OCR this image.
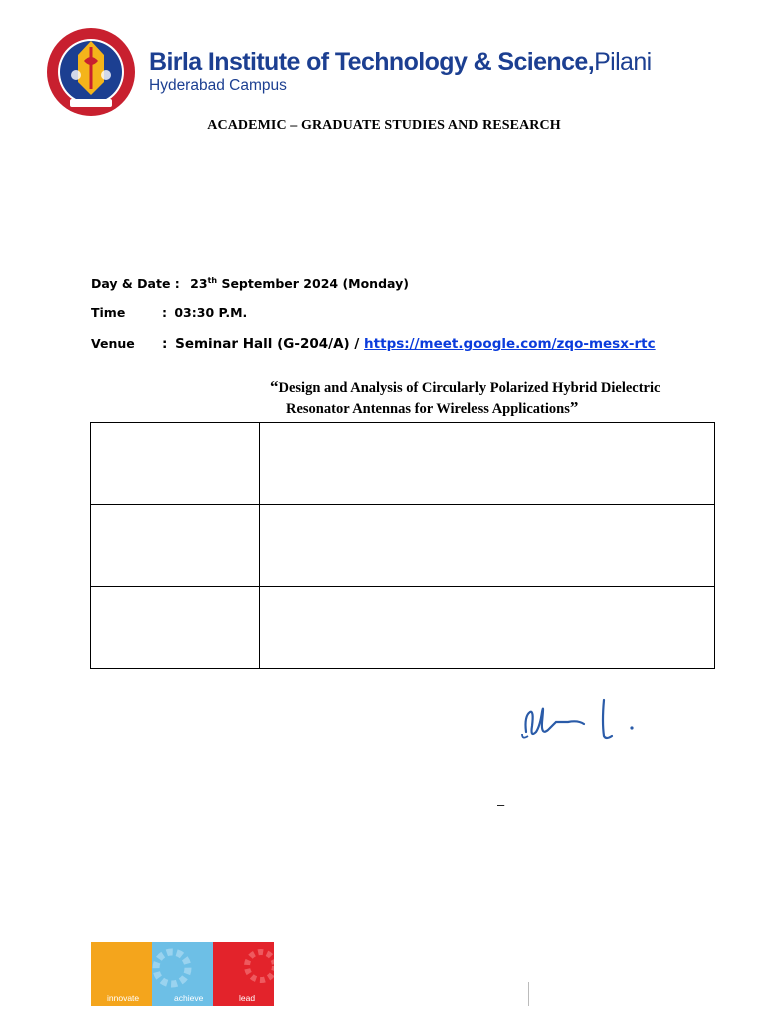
Birla Institute of Technology & Science,Pilani
Hyderabad Campus
ACADEMIC – GRADUATE STUDIES AND RESEARCH
Day & Date : 23th September 2024 (Monday)
Time	: 03:30 P.M.
Venue : Seminar Hall (G-204/A) / https://meet.google.com/zqo-mesx-rtc
“Design and Analysis of Circularly Polarized Hybrid Dielectric
Resonator Antennas for Wireless Applications”

–
innovate	achieve	lead
